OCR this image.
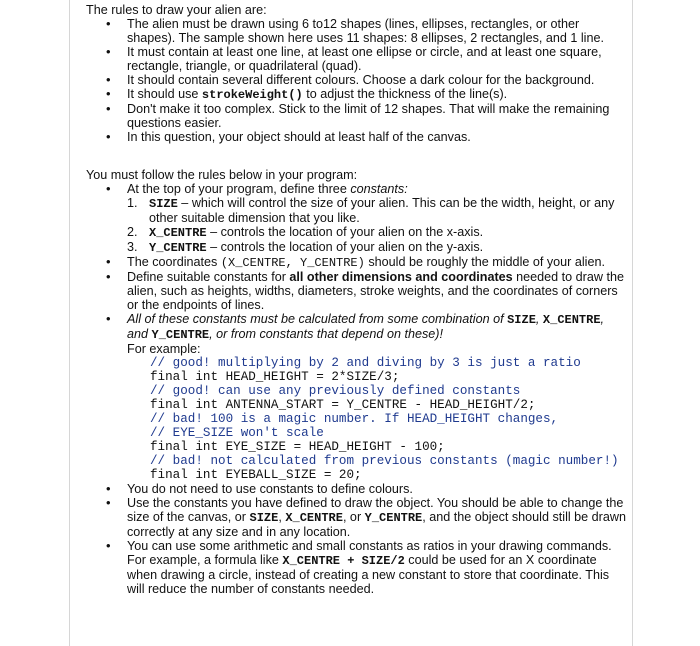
The rules to draw your alien are:

• The alien must be drawn using 6 to12 shapes (lines, ellipses, rectangles, or other shapes). The sample shown here uses 11 shapes: 8 ellipses, 2 rectangles, and 1 line.
• It must contain at least one line, at least one ellipse or circle, and at least one square, rectangle, triangle, or quadrilateral (quad).
• It should contain several different colours. Choose a dark colour for the background.
• It should use strokeWeight() to adjust the thickness of the line(s).
• Don't make it too complex. Stick to the limit of 12 shapes. That will make the remaining questions easier.
• In this question, your object should at least half of the canvas.

You must follow the rules below in your program:

• At the top of your program, define three constants:
1. SIZE – which will control the size of your alien. This can be the width, height, or any other suitable dimension that you like.
2. X_CENTRE – controls the location of your alien on the x-axis.
3. Y_CENTRE – controls the location of your alien on the y-axis.
• The coordinates (X_CENTRE, Y_CENTRE) should be roughly the middle of your alien.
• Define suitable constants for all other dimensions and coordinates needed to draw the alien, such as heights, widths, diameters, stroke weights, and the coordinates of corners or the endpoints of lines.
• All of these constants must be calculated from some combination of SIZE, X_CENTRE, and Y_CENTRE, or from constants that depend on these)!
For example:
// good! multiplying by 2 and diving by 3 is just a ratio
final int HEAD_HEIGHT = 2*SIZE/3;
// good! can use any previously defined constants
final int ANTENNA_START = Y_CENTRE - HEAD_HEIGHT/2;
// bad! 100 is a magic number. If HEAD_HEIGHT changes,
// EYE_SIZE won't scale
final int EYE_SIZE = HEAD_HEIGHT - 100;
// bad! not calculated from previous constants (magic number!)
final int EYEBALL_SIZE = 20;
• You do not need to use constants to define colours.
• Use the constants you have defined to draw the object. You should be able to change the size of the canvas, or SIZE, X_CENTRE, or Y_CENTRE, and the object should still be drawn correctly at any size and in any location.
• You can use some arithmetic and small constants as ratios in your drawing commands. For example, a formula like X_CENTRE + SIZE/2 could be used for an X coordinate when drawing a circle, instead of creating a new constant to store that coordinate. This will reduce the number of constants needed.
